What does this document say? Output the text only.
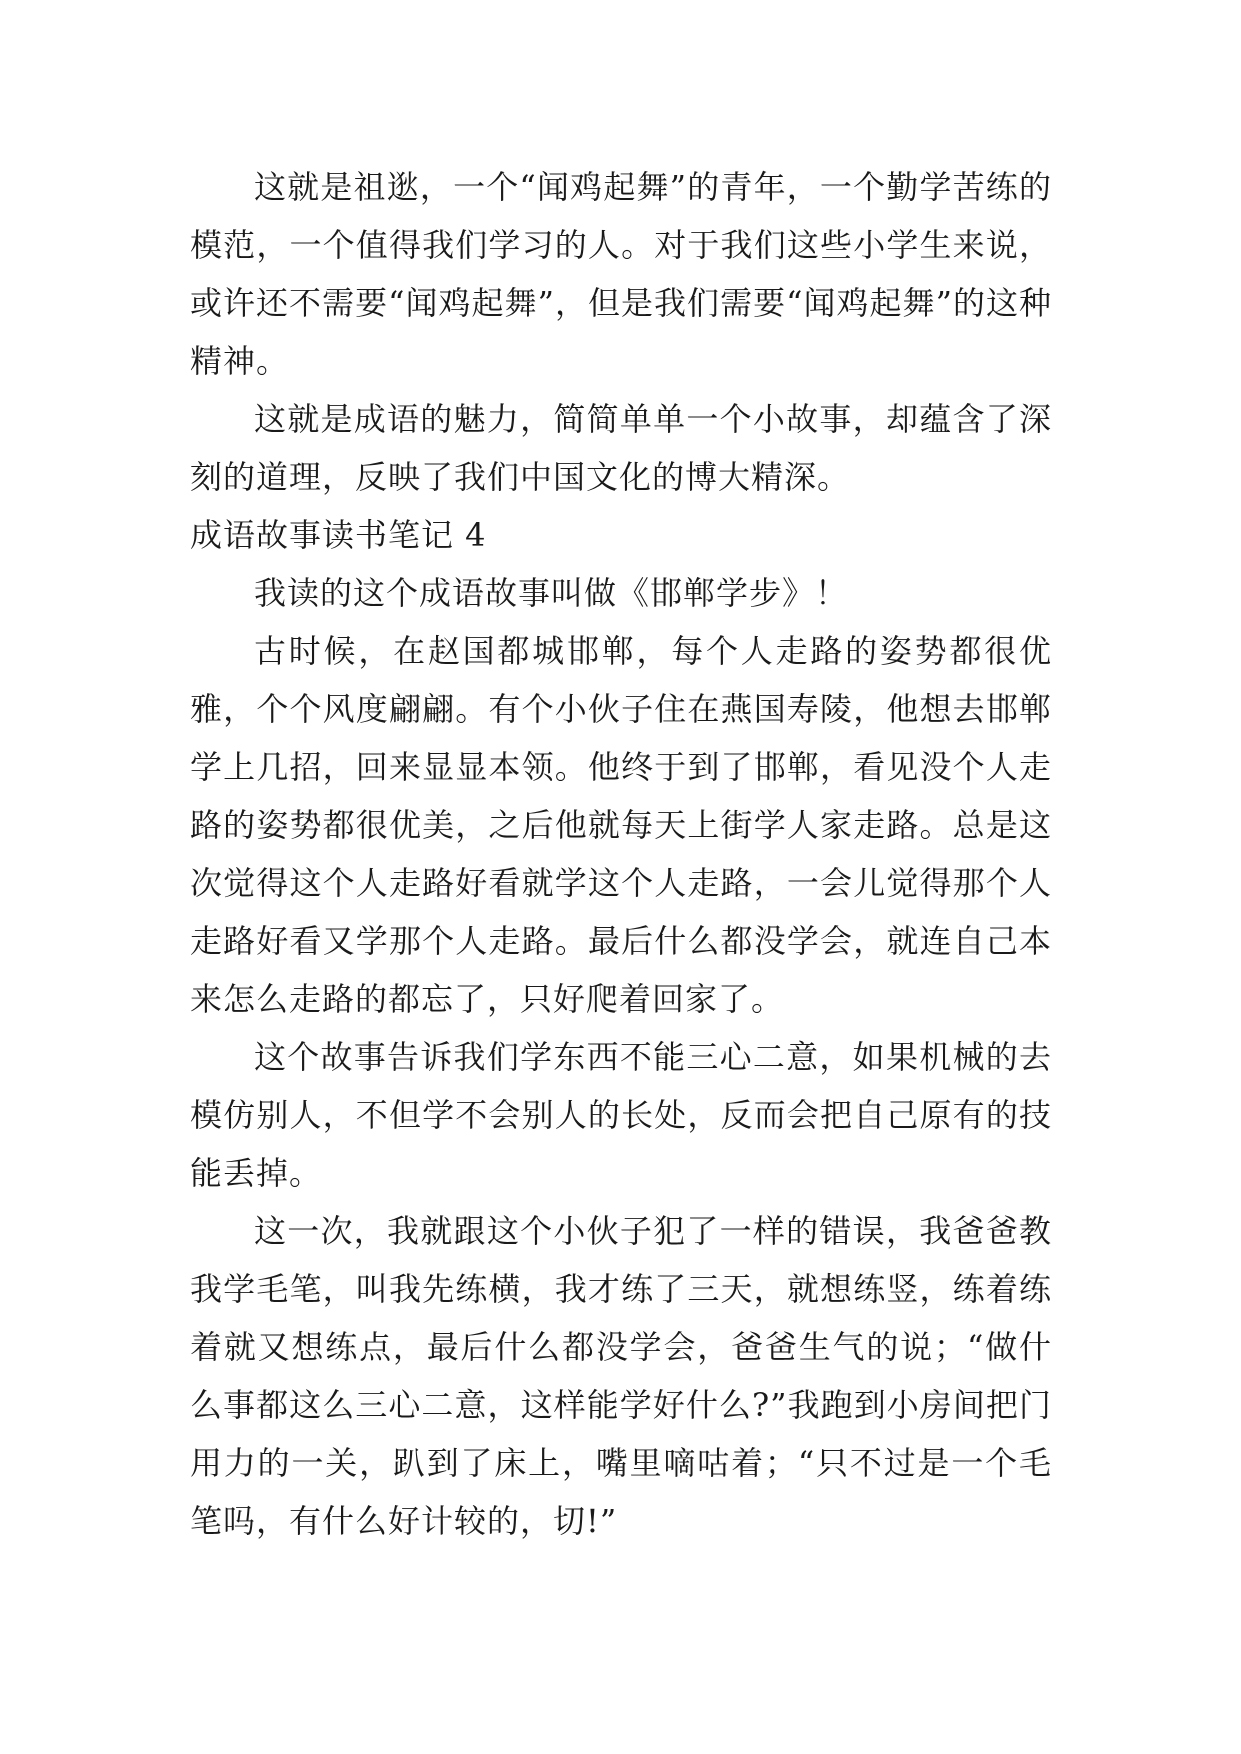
这就是祖逖，一个“闻鸡起舞”的青年，一个勤学苦练的模范，一个值得我们学习的人。对于我们这些小学生来说，或许还不需要“闻鸡起舞”，但是我们需要“闻鸡起舞”的这种精神。

这就是成语的魅力，简简单单一个小故事，却蕴含了深刻的道理，反映了我们中国文化的博大精深。

成语故事读书笔记 4

我读的这个成语故事叫做《邯郸学步》！

古时候，在赵国都城邯郸，每个人走路的姿势都很优雅，个个风度翩翩。有个小伙子住在燕国寿陵，他想去邯郸学上几招，回来显显本领。他终于到了邯郸，看见没个人走路的姿势都很优美，之后他就每天上街学人家走路。总是这次觉得这个人走路好看就学这个人走路，一会儿觉得那个人走路好看又学那个人走路。最后什么都没学会，就连自己本来怎么走路的都忘了，只好爬着回家了。

这个故事告诉我们学东西不能三心二意，如果机械的去模仿别人，不但学不会别人的长处，反而会把自己原有的技能丢掉。

这一次，我就跟这个小伙子犯了一样的错误，我爸爸教我学毛笔，叫我先练横，我才练了三天，就想练竖，练着练着就又想练点，最后什么都没学会，爸爸生气的说；“做什么事都这么三心二意，这样能学好什么?”我跑到小房间把门用力的一关，趴到了床上，嘴里嘀咕着；“只不过是一个毛笔吗，有什么好计较的，切!”
